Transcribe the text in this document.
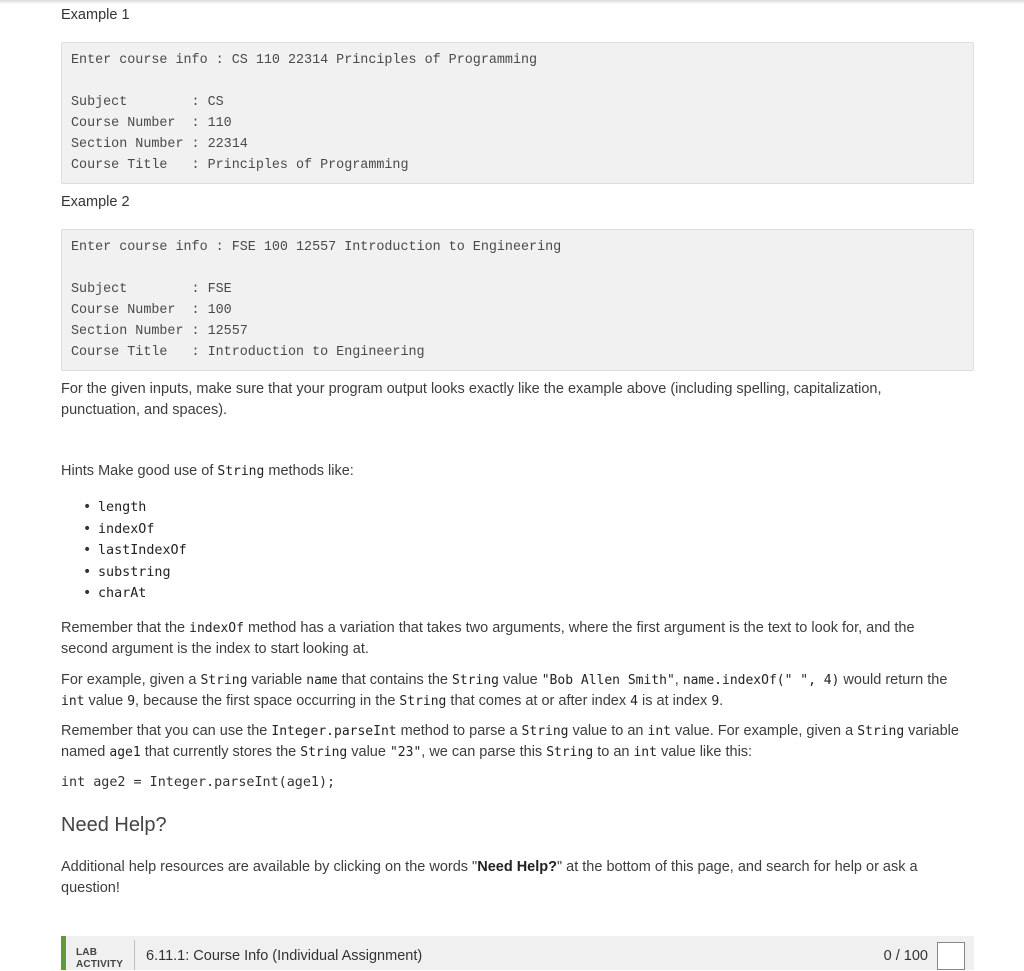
Example 1
Enter course info : CS 110 22314 Principles of Programming

Subject        : CS
Course Number  : 110
Section Number : 22314
Course Title   : Principles of Programming
Example 2
Enter course info : FSE 100 12557 Introduction to Engineering

Subject        : FSE
Course Number  : 100
Section Number : 12557
Course Title   : Introduction to Engineering
For the given inputs, make sure that your program output looks exactly like the example above (including spelling, capitalization, punctuation, and spaces).
Hints Make good use of String methods like:
• length
• indexOf
• lastIndexOf
• substring
• charAt
Remember that the indexOf method has a variation that takes two arguments, where the first argument is the text to look for, and the second argument is the index to start looking at.
For example, given a String variable name that contains the String value "Bob Allen Smith", name.indexOf(" ", 4) would return the int value 9, because the first space occurring in the String that comes at or after index 4 is at index 9.
Remember that you can use the Integer.parseInt method to parse a String value to an int value. For example, given a String variable named age1 that currently stores the String value "23", we can parse this String to an int value like this:
int age2 = Integer.parseInt(age1);
Need Help?
Additional help resources are available by clicking on the words "Need Help?" at the bottom of this page, and search for help or ask a question!
LAB
ACTIVITY
6.11.1: Course Info (Individual Assignment)	0 / 100
